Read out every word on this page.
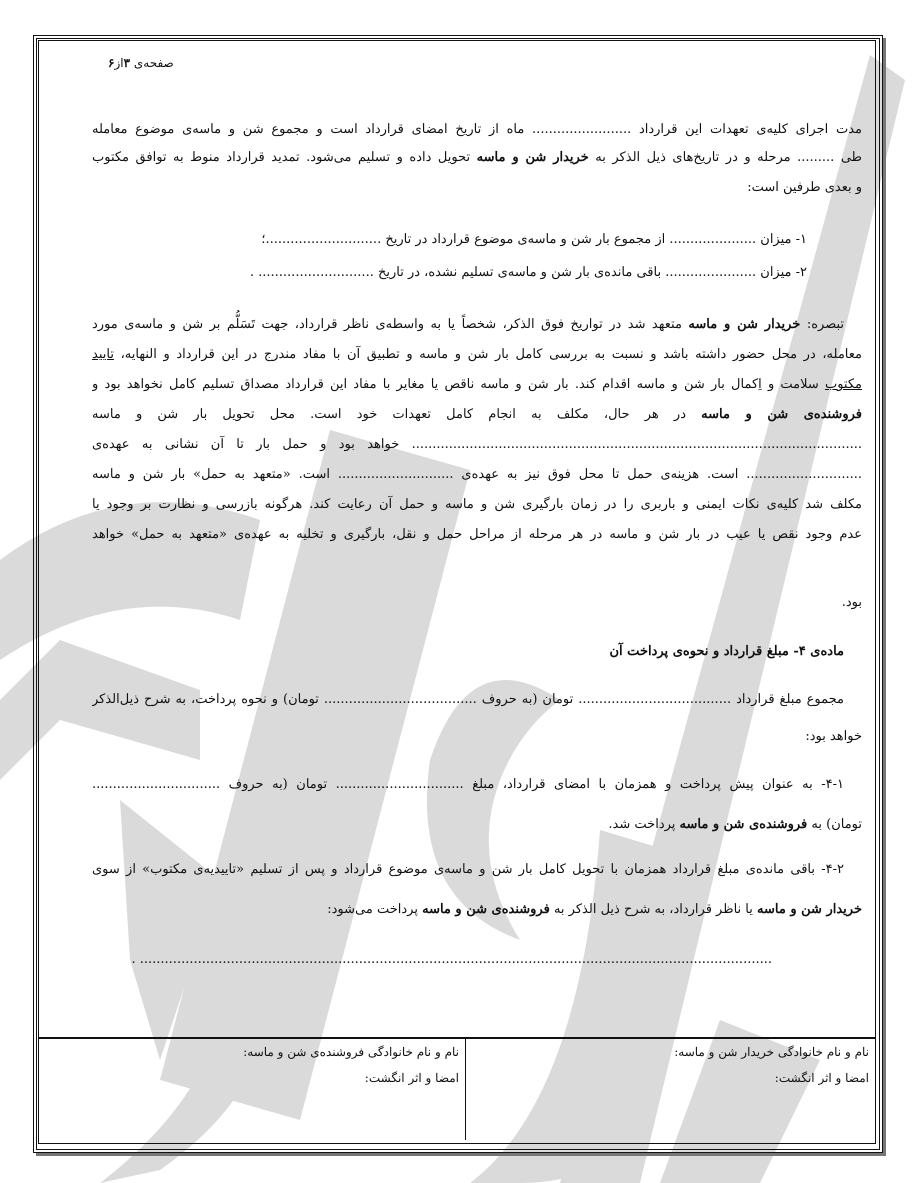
صفحه‌ی ۳از۶
مدت اجرای کلیه‌ی تعهدات این قرارداد ........................ ماه از تاریخ امضای قرارداد است و مجموع شن و ماسه‌ی موضوع معامله
طی ......... مرحله و در تاریخ‌های ذیل الذکر به خریدار شن و ماسه تحویل داده و تسلیم می‌شود. تمدید قرارداد منوط به توافق مکتوب
و بعدی طرفین است:
۱- میزان ..................... از مجموع بار شن و ماسه‌ی موضوع قرارداد در تاریخ ............................؛
۲- میزان ...................... باقی مانده‌ی بار شن و ماسه‌ی تسلیم نشده، در تاریخ ............................ .
تبصره: خریدار شن و ماسه متعهد شد در تواریخ فوق الذکر، شخصاً یا به واسطه‌ی ناظر قرارداد، جهت تَسَلُّم بر شن و ماسه‌ی مورد
معامله، در محل حضور داشته باشد و نسبت به بررسی کامل بار شن و ماسه و تطبیق آن با مفاد مندرج در این قرارداد و النهایه، تایید
مکتوب سلامت و اِکمال بار شن و ماسه اقدام کند. بار شن و ماسه ناقص یا مغایر با مفاد این قرارداد مصداق تسلیم کامل نخواهد بود و
فروشنده‌ی شن و ماسه در هر حال، مکلف به انجام کامل تعهدات خود است. محل تحویل بار شن و ماسه
............................................................................................................. خواهد بود و حمل بار تا آن نشانی به عهده‌ی
............................ است. هزینه‌ی حمل تا محل فوق نیز به عهده‌ی ............................ است. «متعهد به حمل» بار شن و ماسه
مکلف شد کلیه‌ی نکات ایمنی و باربری را در زمان بارگیری شن و ماسه و حمل آن رعایت کند. هرگونه بازرسی و نظارت بر وجود یا
عدم وجود نقص یا عیب در بار شن و ماسه در هر مرحله از مراحل حمل و نقل، بارگیری و تخلیه به عهده‌ی «متعهد به حمل» خواهد
بود.
ماده‌ی ۴- مبلغ قرارداد و نحوه‌ی پرداخت آن
مجموع مبلغ قرارداد ..................................... تومان (به حروف ..................................... تومان) و نحوه پرداخت، به شرح ذیل‌الذکر
خواهد بود:
۴-۱- به عنوان پیش پرداخت و همزمان با امضای قرارداد، مبلغ ............................... تومان (به حروف ...............................
تومان) به فروشنده‌ی شن و ماسه پرداخت شد.
۴-۲- باقی مانده‌ی مبلغ قرارداد همزمان با تحویل کامل بار شن و ماسه‌ی موضوع قرارداد و پس از تسلیم «تاییدیه‌ی مکتوب» از سوی
خریدار شن و ماسه یا ناظر قرارداد، به شرح ذیل الذکر به فروشنده‌ی شن و ماسه پرداخت می‌شود:
......................................................................................................................................................... .
نام و نام خانوادگی خریدار شن و ماسه:
امضا و اثر انگشت:
نام و نام خانوادگی فروشنده‌ی شن و ماسه:
امضا و اثر انگشت:
